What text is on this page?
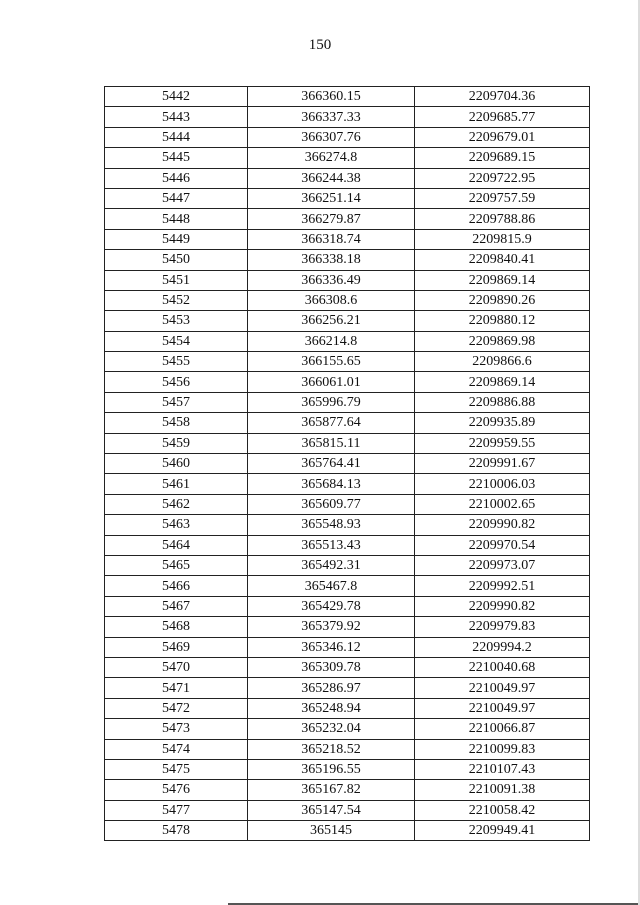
150
5442	366360.15	2209704.36
5443	366337.33	2209685.77
5444	366307.76	2209679.01
5445	366274.8	2209689.15
5446	366244.38	2209722.95
5447	366251.14	2209757.59
5448	366279.87	2209788.86
5449	366318.74	2209815.9
5450	366338.18	2209840.41
5451	366336.49	2209869.14
5452	366308.6	2209890.26
5453	366256.21	2209880.12
5454	366214.8	2209869.98
5455	366155.65	2209866.6
5456	366061.01	2209869.14
5457	365996.79	2209886.88
5458	365877.64	2209935.89
5459	365815.11	2209959.55
5460	365764.41	2209991.67
5461	365684.13	2210006.03
5462	365609.77	2210002.65
5463	365548.93	2209990.82
5464	365513.43	2209970.54
5465	365492.31	2209973.07
5466	365467.8	2209992.51
5467	365429.78	2209990.82
5468	365379.92	2209979.83
5469	365346.12	2209994.2
5470	365309.78	2210040.68
5471	365286.97	2210049.97
5472	365248.94	2210049.97
5473	365232.04	2210066.87
5474	365218.52	2210099.83
5475	365196.55	2210107.43
5476	365167.82	2210091.38
5477	365147.54	2210058.42
5478	365145	2209949.41
